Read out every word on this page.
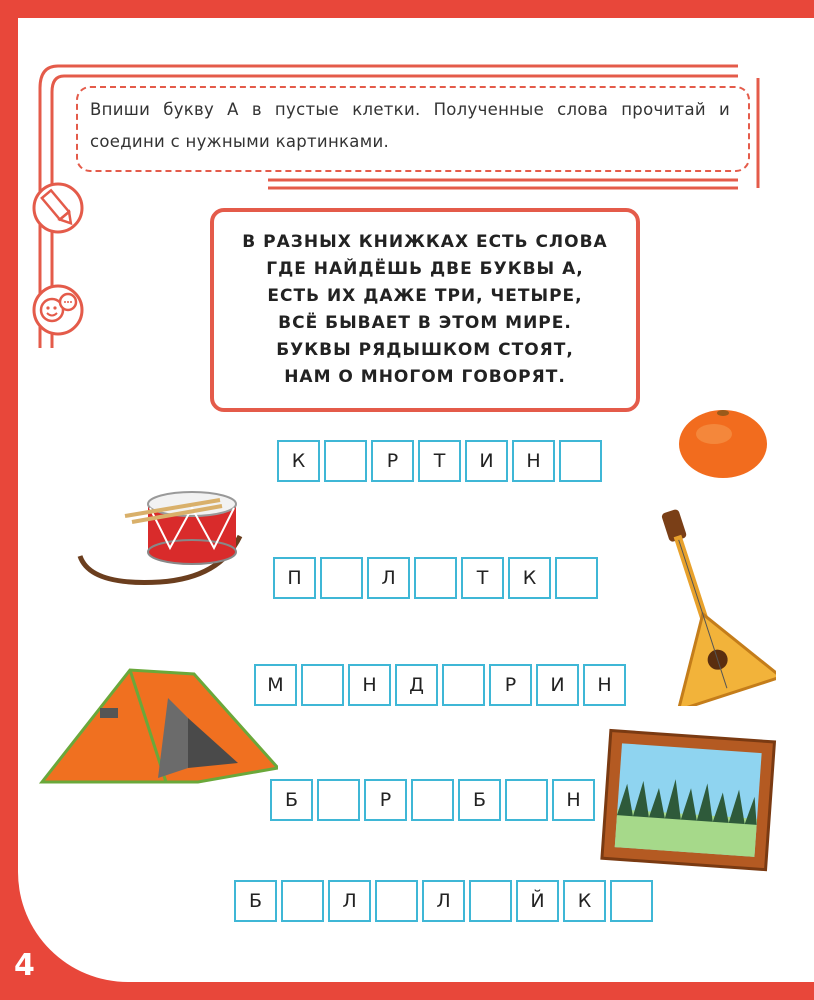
Впиши букву А в пустые клетки. Полученные слова прочитай и соедини с нужными картинками.
В РАЗНЫХ КНИЖКАХ ЕСТЬ СЛОВА
ГДЕ НАЙДЁШЬ ДВЕ БУКВЫ А,
ЕСТЬ ИХ ДАЖЕ ТРИ, ЧЕТЫРЕ,
ВСЁ БЫВАЕТ В ЭТОМ МИРЕ.
БУКВЫ РЯДЫШКОМ СТОЯТ,
НАМ О МНОГОМ ГОВОРЯТ.
К	Р	Т	И	Н
П	Л	Т	К
М	Н	Д	Р	И	Н
Б	Р	Б	Н
Б	Л	Л	Й	К
4
